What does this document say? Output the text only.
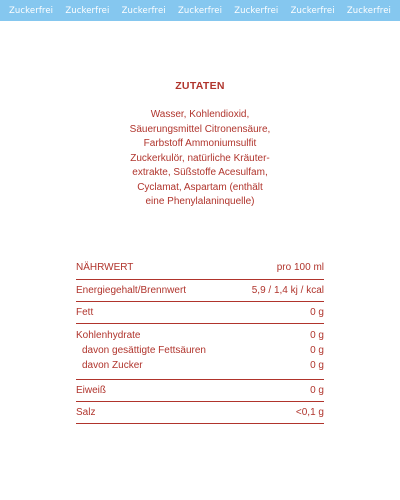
Zuckerfrei Zuckerfrei Zuckerfrei Zuckerfrei Zuckerfrei Zuckerfrei Zuckerfrei
ZUTATEN
Wasser, Kohlendioxid,
Säuerungsmittel Citronensäure,
Farbstoff Ammoniumsulfit
Zuckerkulör, natürliche Kräuter-
extrakte, Süßstoffe Acesulfam,
Cyclamat, Aspartam (enthält
eine Phenylalaninquelle)
NÄHRWERT	pro 100 ml
Energiegehalt/Brennwert	5,9 / 1,4 kj / kcal
Fett	0 g
Kohlenhydrate	0 g
davon gesättigte Fettsäuren	0 g
davon Zucker	0 g
Eiweiß	0 g
Salz	<0,1 g
